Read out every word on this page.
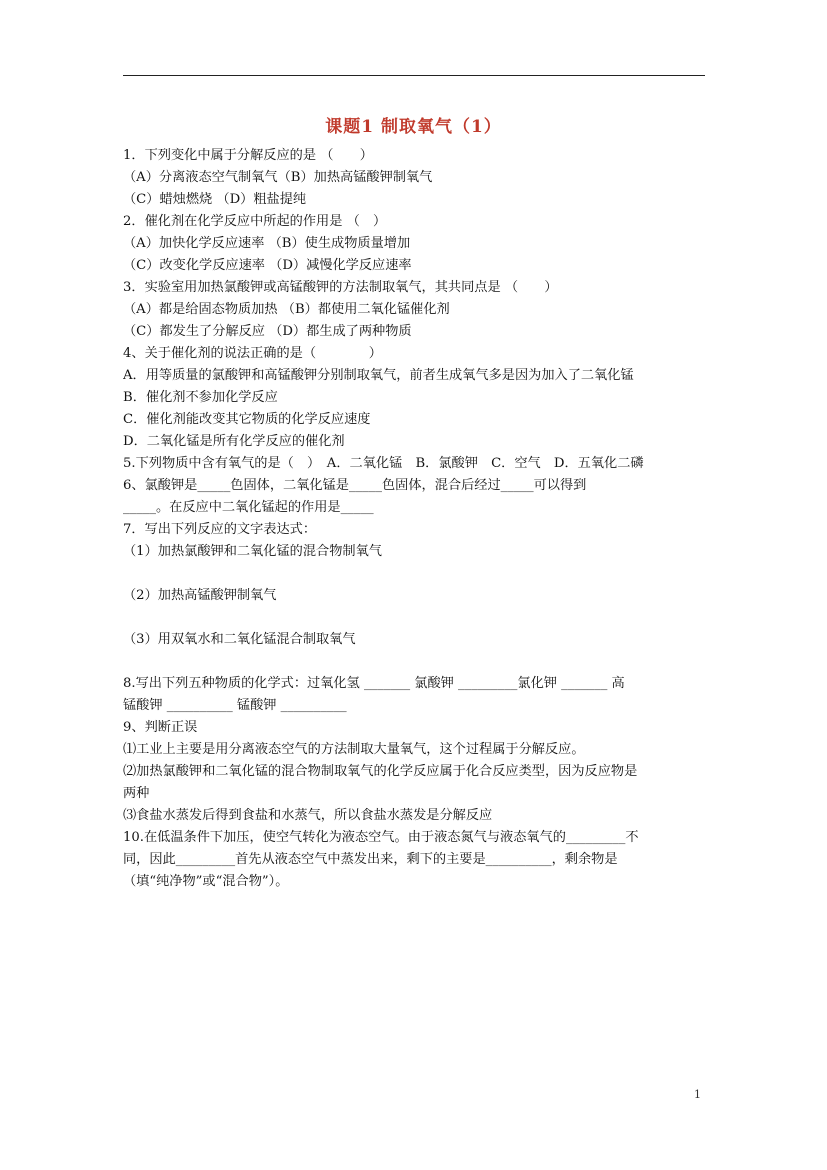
课题1 制取氧气（1）
1．下列变化中属于分解反应的是 （　　）
（A）分离液态空气制氧气（B）加热高锰酸钾制氧气
（C）蜡烛燃烧 （D）粗盐提纯
2．催化剂在化学反应中所起的作用是 （　）
（A）加快化学反应速率 （B）使生成物质量增加
（C）改变化学反应速率 （D）减慢化学反应速率
3．实验室用加热氯酸钾或高锰酸钾的方法制取氧气，其共同点是 （　　）
（A）都是给固态物质加热 （B）都使用二氧化锰催化剂
（C）都发生了分解反应 （D）都生成了两种物质
4、关于催化剂的说法正确的是（　　　　）
A．用等质量的氯酸钾和高锰酸钾分别制取氧气，前者生成氧气多是因为加入了二氧化锰
B．催化剂不参加化学反应
C．催化剂能改变其它物质的化学反应速度
D．二氧化锰是所有化学反应的催化剂
5.下列物质中含有氧气的是（　）　A．二氧化锰　B．氯酸钾　C．空气　D．五氧化二磷
6、氯酸钾是_____色固体，二氧化锰是_____色固体，混合后经过_____可以得到
_____。在反应中二氧化锰起的作用是_____
7．写出下列反应的文字表达式：
（1）加热氯酸钾和二氧化锰的混合物制氧气
（2）加热高锰酸钾制氧气
（3）用双氧水和二氧化锰混合制取氧气
8.写出下列五种物质的化学式：过氧化氢 _______ 氯酸钾 _________氯化钾 _______ 高
锰酸钾 __________ 锰酸钾 __________
9、判断正误
⑴工业上主要是用分离液态空气的方法制取大量氧气，这个过程属于分解反应。
⑵加热氯酸钾和二氧化锰的混合物制取氧气的化学反应属于化合反应类型，因为反应物是
两种
⑶食盐水蒸发后得到食盐和水蒸气，所以食盐水蒸发是分解反应
10.在低温条件下加压，使空气转化为液态空气。由于液态氮气与液态氧气的_________不
同，因此_________首先从液态空气中蒸发出来，剩下的主要是__________，剩余物是
（填“纯净物”或“混合物”）。
1
